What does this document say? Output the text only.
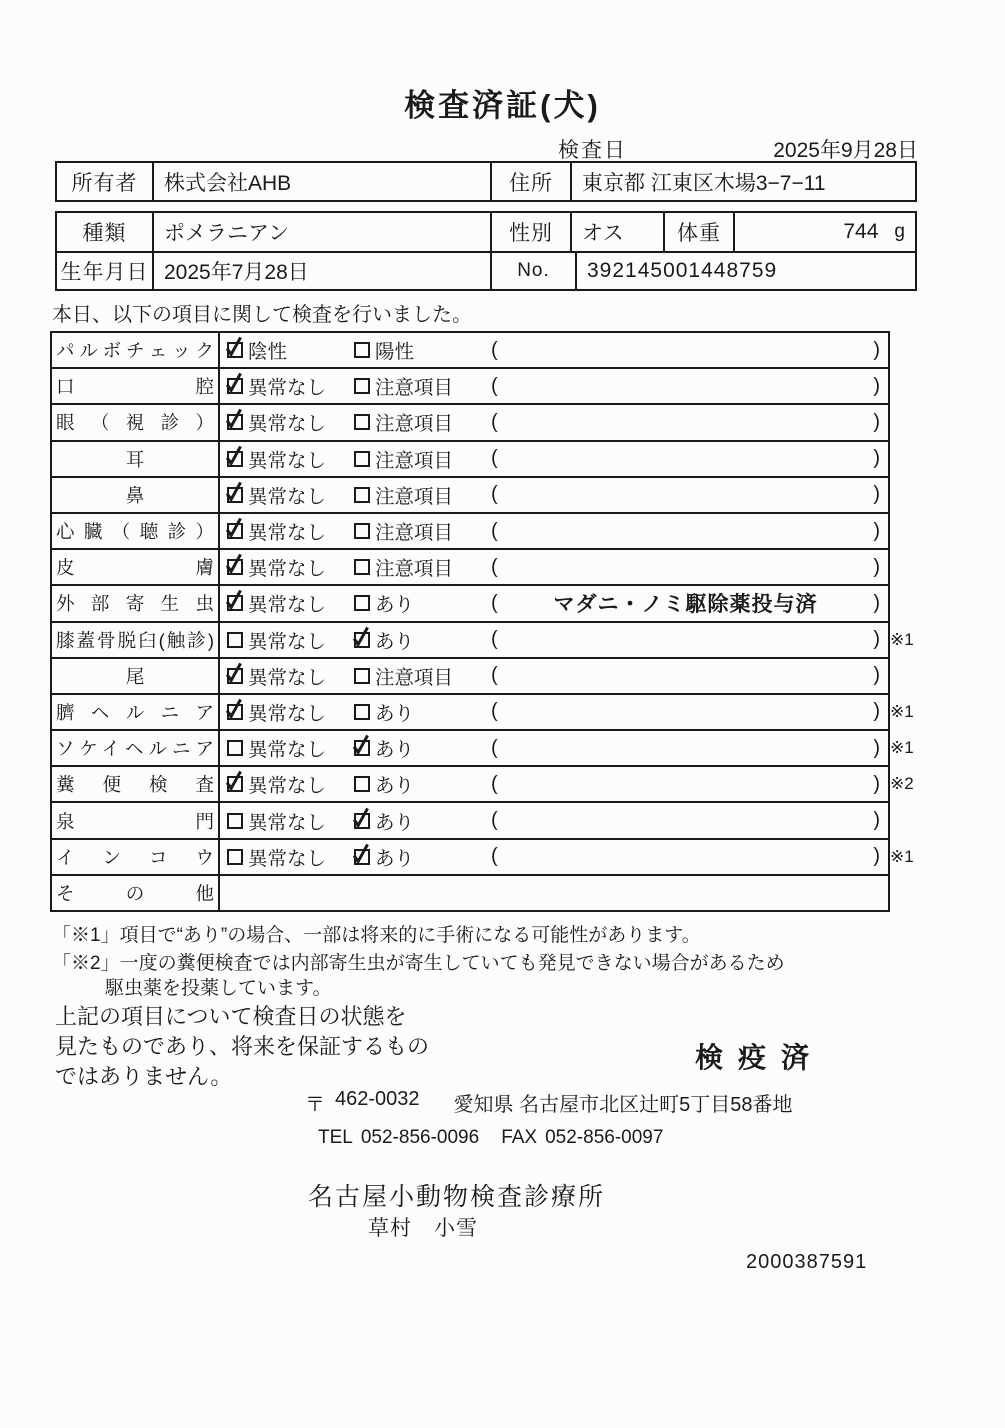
検査済証(犬)
検査日	2025年9月28日
所有者	株式会社AHB	住所	東京都 江東区木場3−7−11
種類	ポメラニアン	性別	オス	体重	744 g
生年月日 2025年7月28日	No.	392145001448759
本日、以下の項目に関して検査を行いました。
パルボチェック 陰性	陽性	(	)
口腔 異常なし	注意項目 (	)
眼（視診） 異常なし	注意項目 (	)
耳	異常なし	注意項目 (	)
鼻	異常なし	注意項目 (	)
心臓（聴診） 異常なし	注意項目 (	)
皮膚 異常なし	注意項目 (	)
外部寄生虫 異常なし	あり	(	マダニ・ノミ駆除薬投与済	)
膝蓋骨脱臼(触診) 異常なし	あり	(	) ※1
尾	異常なし	注意項目 (	)
臍ヘルニア 異常なし	あり	(	) ※1
ソケイヘルニア 異常なし	あり	(	) ※1
糞便検査 異常なし	あり	(	) ※2
泉門 異常なし	あり	(	)
インコウ 異常なし	あり	(	) ※1
その他
「※1」項目で“あり”の場合、一部は将来的に手術になる可能性があります。
「※2」一度の糞便検査では内部寄生虫が寄生していても発見できない場合があるため
駆虫薬を投薬しています。
上記の項目について検査日の状態を
見たものであり、将来を保証するもの
ではありません。
検疫済
〒 462-0032 愛知県 名古屋市北区辻町5丁目58番地
TEL 052-856-0096 FAX 052-856-0097
名古屋小動物検査診療所
草村　小雪
2000387591
